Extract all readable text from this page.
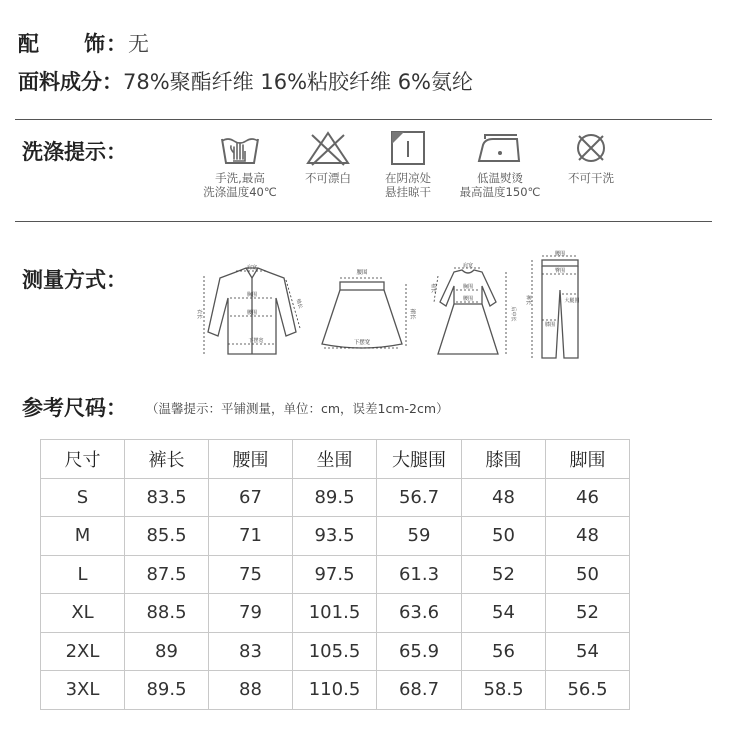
配　　饰：无
面料成分：78%聚酯纤维 16%粘胶纤维 6%氨纶
洗涤提示：
手洗,最高
洗涤温度40℃
不可漂白	在阴凉处
悬挂晾干
低温熨烫
最高温度150℃
不可干洗
测量方式：	肩宽
胸围
腰围
下摆宽
衣长
袖长
腰围
下摆宽
裙长
肩宽
胸围
腰围
袖长
后中长
腰围
臀围
大腿围
膝围
裤长
参考尺码： （温馨提示：平铺测量，单位：cm，误差1cm-2cm）
尺寸	裤长	腰围	坐围	大腿围	膝围	脚围
S	83.5	67	89.5	56.7	48	46
M	85.5	71	93.5	59	50	48
L	87.5	75	97.5	61.3	52	50
XL	88.5	79	101.5	63.6	54	52
2XL	89	83	105.5	65.9	56	54
3XL	89.5	88	110.5	68.7	58.5	56.5
